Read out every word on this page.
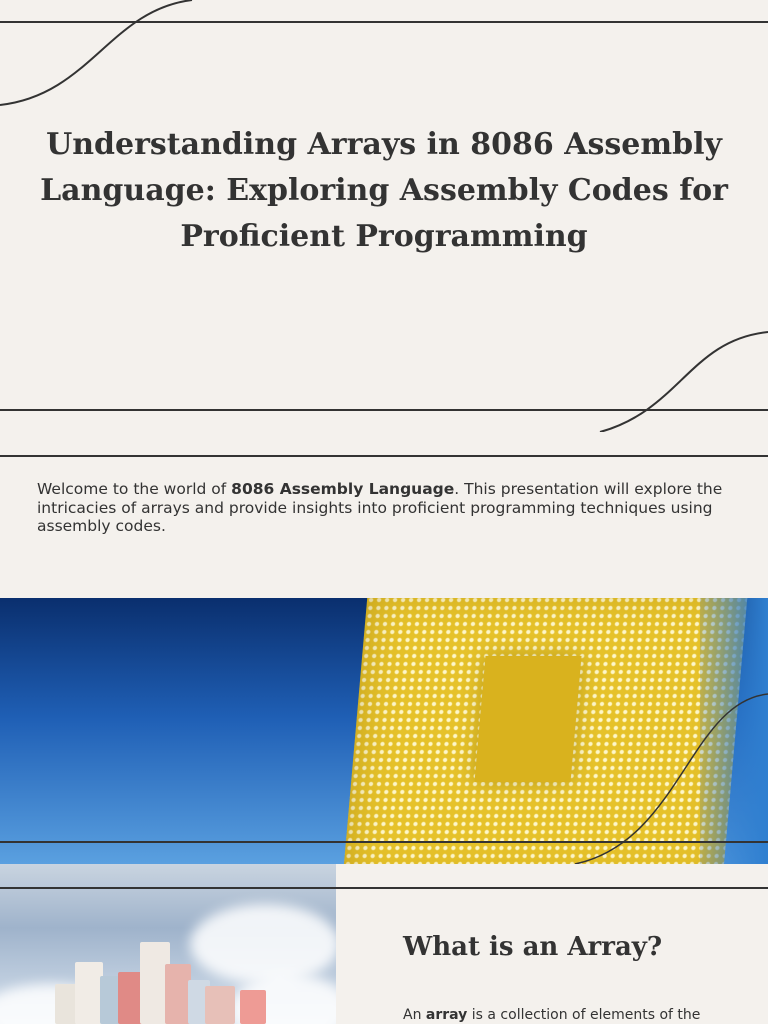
Understanding Arrays in 8086 Assembly Language: Exploring Assembly Codes for Proficient Programming

Welcome to the world of 8086 Assembly Language. This presentation will explore the intricacies of arrays and provide insights into proficient programming techniques using assembly codes.

What is an Array?

An array is a collection of elements of the
